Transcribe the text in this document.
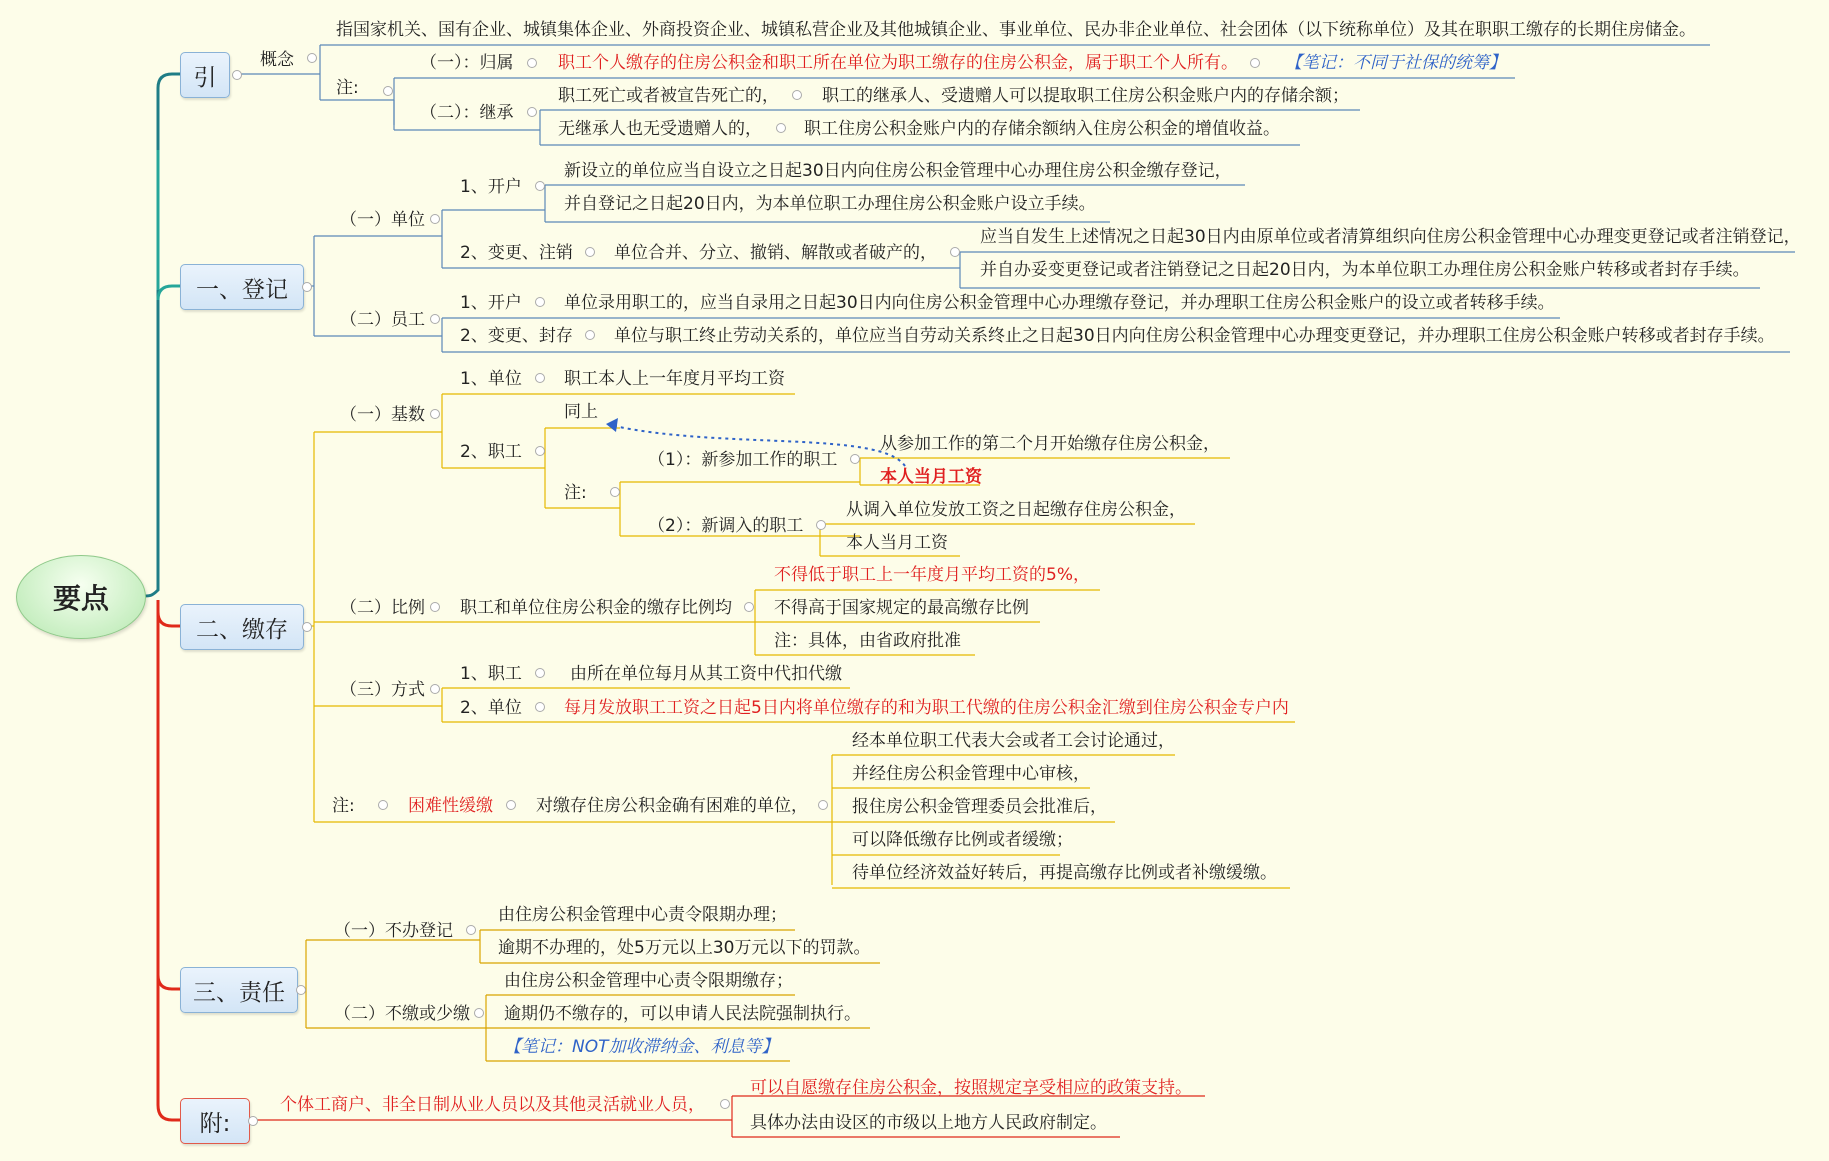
要点
引
一、登记
二、缴存
三、责任
附:
概念
指国家机关、国有企业、城镇集体企业、外商投资企业、城镇私营企业及其他城镇企业、事业单位、民办非企业单位、社会团体（以下统称单位）及其在职职工缴存的长期住房储金。
注:
（一）：归属	职工个人缴存的住房公积金和职工所在单位为职工缴存的住房公积金，属于职工个人所有。	【笔记：不同于社保的统筹】
（二）：继承
职工死亡或者被宣告死亡的，	职工的继承人、受遗赠人可以提取职工住房公积金账户内的存储余额；
无继承人也无受遗赠人的， 职工住房公积金账户内的存储余额纳入住房公积金的增值收益。
（一）单位
1、开户
新设立的单位应当自设立之日起30日内向住房公积金管理中心办理住房公积金缴存登记，
并自登记之日起20日内，为本单位职工办理住房公积金账户设立手续。
2、变更、注销 单位合并、分立、撤销、解散或者破产的，
应当自发生上述情况之日起30日内由原单位或者清算组织向住房公积金管理中心办理变更登记或者注销登记，
并自办妥变更登记或者注销登记之日起20日内，为本单位职工办理住房公积金账户转移或者封存手续。
（二）员工
1、开户 单位录用职工的，应当自录用之日起30日内向住房公积金管理中心办理缴存登记，并办理职工住房公积金账户的设立或者转移手续。
2、变更、封存 单位与职工终止劳动关系的，单位应当自劳动关系终止之日起30日内向住房公积金管理中心办理变更登记，并办理职工住房公积金账户转移或者封存手续。
（一）基数
1、单位 职工本人上一年度月平均工资
2、职工
同上
注:
（1）：新参加工作的职工
从参加工作的第二个月开始缴存住房公积金，
本人当月工资
（2）：新调入的职工
从调入单位发放工资之日起缴存住房公积金，
本人当月工资
（二）比例 职工和单位住房公积金的缴存比例均
不得低于职工上一年度月平均工资的5%，
不得高于国家规定的最高缴存比例
注：具体，由省政府批准
（三）方式
1、职工	由所在单位每月从其工资中代扣代缴
2、单位 每月发放职工工资之日起5日内将单位缴存的和为职工代缴的住房公积金汇缴到住房公积金专户内
注:	困难性缓缴	对缴存住房公积金确有困难的单位，
经本单位职工代表大会或者工会讨论通过，
并经住房公积金管理中心审核，
报住房公积金管理委员会批准后，
可以降低缴存比例或者缓缴；
待单位经济效益好转后，再提高缴存比例或者补缴缓缴。
（一）不办登记
由住房公积金管理中心责令限期办理；
逾期不办理的，处5万元以上30万元以下的罚款。
（二）不缴或少缴
由住房公积金管理中心责令限期缴存；
逾期仍不缴存的，可以申请人民法院强制执行。
【笔记：NOT加收滞纳金、利息等】
个体工商户、非全日制从业人员以及其他灵活就业人员，
可以自愿缴存住房公积金，按照规定享受相应的政策支持。
具体办法由设区的市级以上地方人民政府制定。
